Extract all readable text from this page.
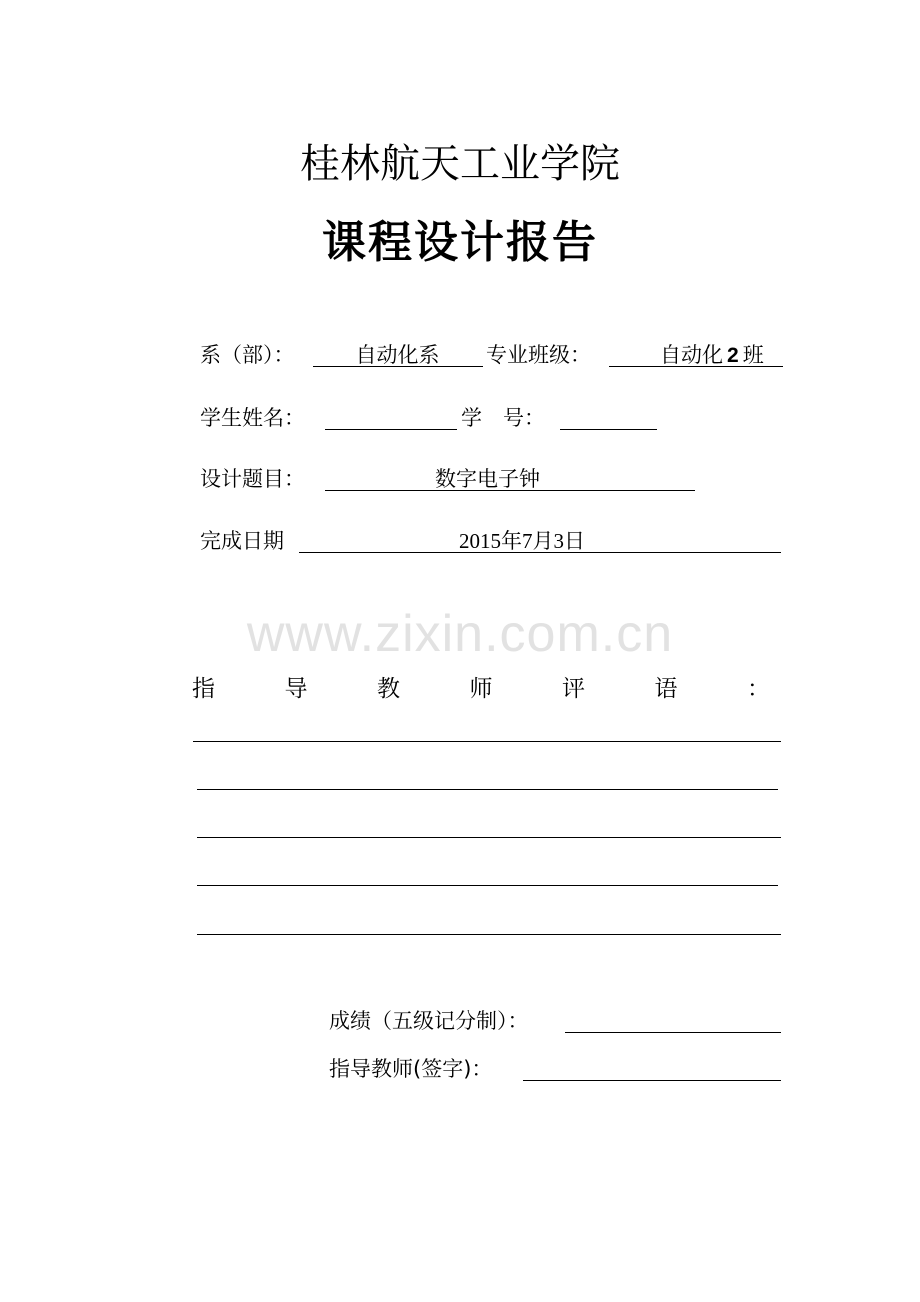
桂林航天工业学院
课程设计报告
系（部）：	自动化系	专业班级：	自动化 2 班
学生姓名：	学　号：
设计题目：	数字电子钟
完成日期	2015年7月3日
www.zixin.com.cn
指	导	教	师	评	语	：
成绩（五级记分制）：
指导教师(签字)：
